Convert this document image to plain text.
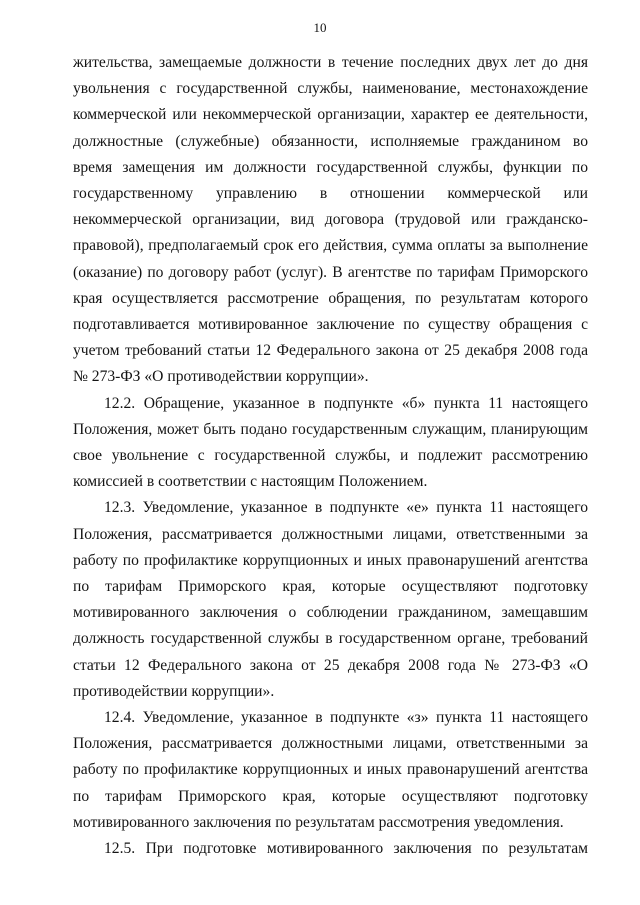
10

жительства, замещаемые должности в течение последних двух лет до дня увольнения с государственной службы, наименование, местонахождение коммерческой или некоммерческой организации, характер ее деятельности, должностные (служебные) обязанности, исполняемые гражданином во время замещения им должности государственной службы, функции по государственному управлению в отношении коммерческой или некоммерческой организации, вид договора (трудовой или гражданско-правовой), предполагаемый срок его действия, сумма оплаты за выполнение (оказание) по договору работ (услуг). В агентстве по тарифам Приморского края осуществляется рассмотрение обращения, по результатам которого подготавливается мотивированное заключение по существу обращения с учетом требований статьи 12 Федерального закона от 25 декабря 2008 года № 273-ФЗ «О противодействии коррупции».

12.2. Обращение, указанное в подпункте «б» пункта 11 настоящего Положения, может быть подано государственным служащим, планирующим свое увольнение с государственной службы, и подлежит рассмотрению комиссией в соответствии с настоящим Положением.

12.3. Уведомление, указанное в подпункте «е» пункта 11 настоящего Положения, рассматривается должностными лицами, ответственными за работу по профилактике коррупционных и иных правонарушений агентства по тарифам Приморского края, которые осуществляют подготовку мотивированного заключения о соблюдении гражданином, замещавшим должность государственной службы в государственном органе, требований статьи 12 Федерального закона от 25 декабря 2008 года № 273-ФЗ «О противодействии коррупции».

12.4. Уведомление, указанное в подпункте «з» пункта 11 настоящего Положения, рассматривается должностными лицами, ответственными за работу по профилактике коррупционных и иных правонарушений агентства по тарифам Приморского края, которые осуществляют подготовку мотивированного заключения по результатам рассмотрения уведомления.

12.5. При подготовке мотивированного заключения по результатам
